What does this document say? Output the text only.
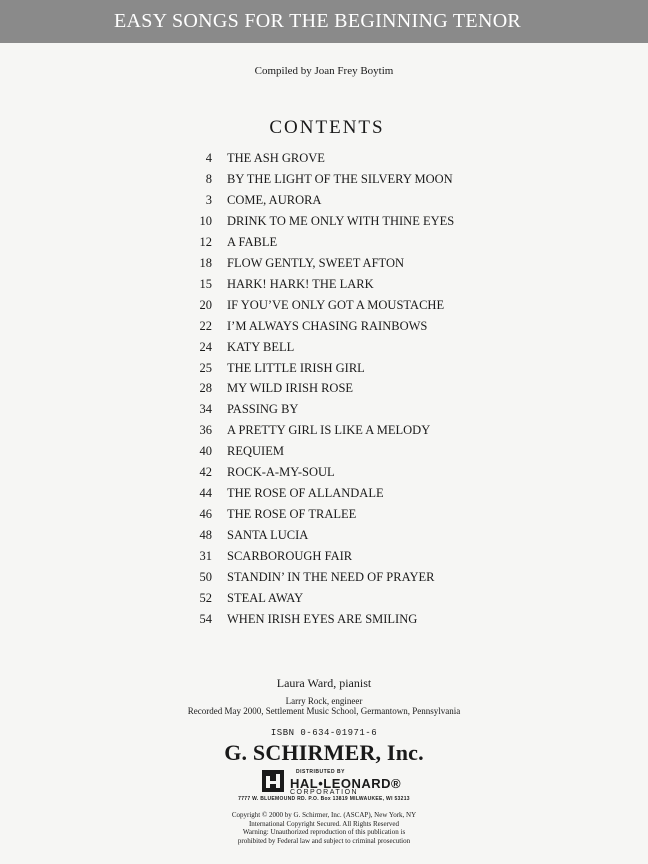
EASY SONGS FOR THE BEGINNING TENOR
Compiled by Joan Frey Boytim
CONTENTS
4 THE ASH GROVE
8 BY THE LIGHT OF THE SILVERY MOON
3 COME, AURORA
10 DRINK TO ME ONLY WITH THINE EYES
12 A FABLE
18 FLOW GENTLY, SWEET AFTON
15 HARK! HARK! THE LARK
20 IF YOU’VE ONLY GOT A MOUSTACHE
22 I’M ALWAYS CHASING RAINBOWS
24 KATY BELL
25 THE LITTLE IRISH GIRL
28 MY WILD IRISH ROSE
34 PASSING BY
36 A PRETTY GIRL IS LIKE A MELODY
40 REQUIEM
42 ROCK-A-MY-SOUL
44 THE ROSE OF ALLANDALE
46 THE ROSE OF TRALEE
48 SANTA LUCIA
31 SCARBOROUGH FAIR
50 STANDIN’ IN THE NEED OF PRAYER
52 STEAL AWAY
54 WHEN IRISH EYES ARE SMILING
Laura Ward, pianist
Larry Rock, engineer
Recorded May 2000, Settlement Music School, Germantown, Pennsylvania
ISBN 0-634-01971-6
G. SCHIRMER, Inc.
DISTRIBUTED BY
HAL•LEONARD®
CORPORATION
7777 W. BLUEMOUND RD. P.O. Box 13819 MILWAUKEE, WI 53213
Copyright © 2000 by G. Schirmer, Inc. (ASCAP), New York, NY
International Copyright Secured. All Rights Reserved
Warning: Unauthorized reproduction of this publication is
prohibited by Federal law and subject to criminal prosecution
